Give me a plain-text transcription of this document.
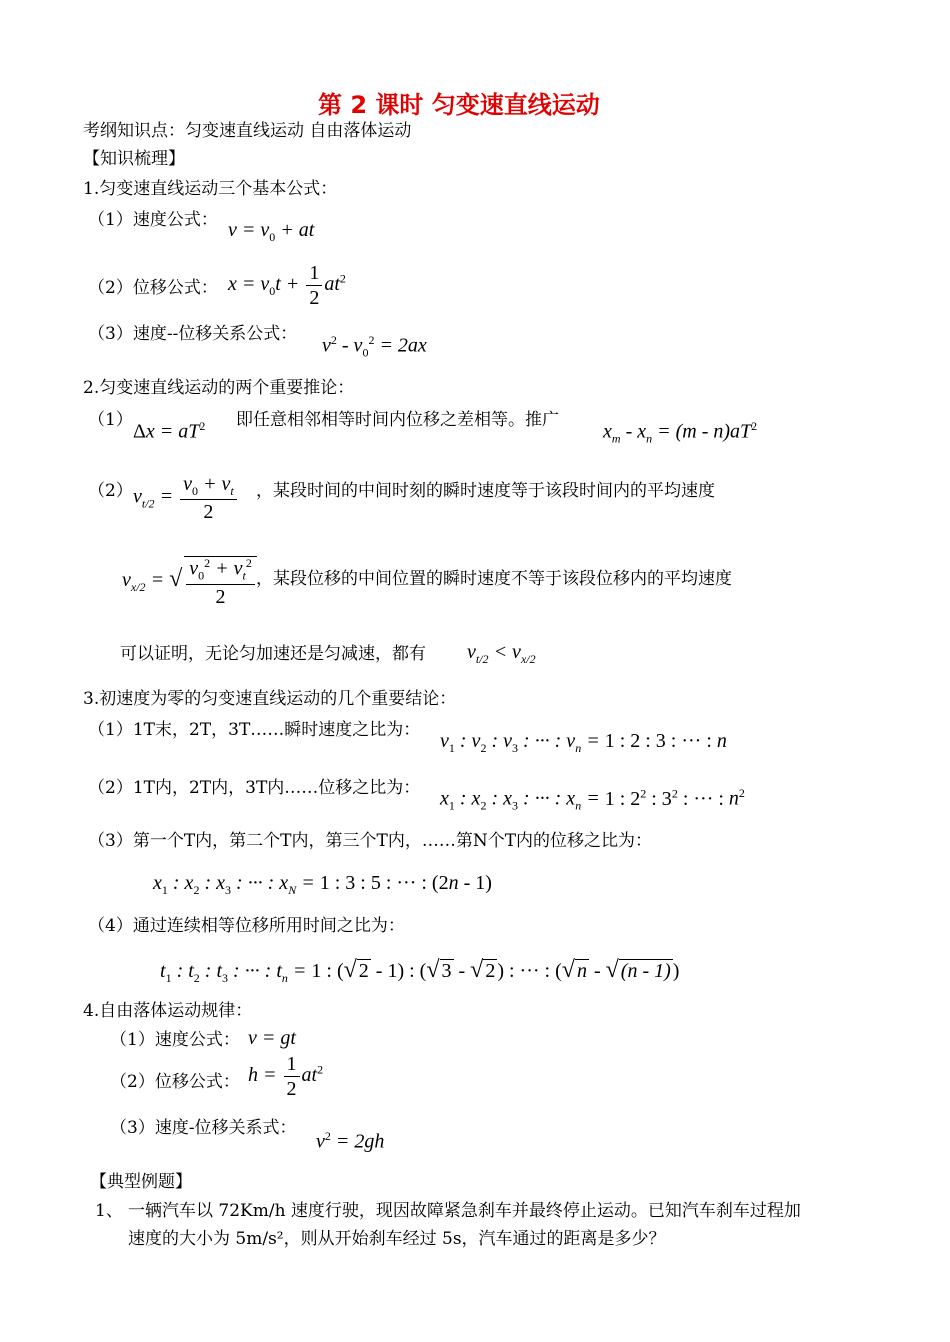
第 2 课时 匀变速直线运动
考纲知识点：匀变速直线运动 自由落体运动
【知识梳理】
1.匀变速直线运动三个基本公式：
（1）速度公式： $v = v_0$ + at
（2）位移公式： $x = v_0t + \frac{1}{2} at^2$
（3）速度--位移关系公式：
$v^2 - v_0^2 = 2ax$
2.匀变速直线运动的两个重要推论：
（1）
$\Delta x = aT^2$ 即任意相邻相等时间内位移之差相等。推广
$x_m - x_n = (m - n)aT^2$
（2） $v_{t/2} = \frac{v_0 + v_t}{2}$ ，某段时间的中间时刻的瞬时速度等于该段时间内的平均速度
$v_{x/2}$ = √ $\frac{v_0^2 + v_t^2}{2}$ ，某段位移的中间位置的瞬时速度不等于该段位移内的平均速度
可以证明，无论匀加速还是匀减速，都有 $v_{t/2} < v_{x/2}$
3.初速度为零的匀变速直线运动的几个重要结论：
（1）1T末，2T，3T……瞬时速度之比为： $v_1$ : $v_2$ : $v_3$ : ··· : $v_n = 1$ : 2 : 3 : ··· : n
（2）1T内，2T内，3T内……位移之比为： $x_1$ : $x_2$ : $x_3$ : ··· : $x_n = 1$ : $2^2$ : $3^2$ : ··· : $n^2$
（3）第一个T内，第二个T内，第三个T内，……第N个T内的位移之比为：
$x_1$ : $x_2$ : $x_3$ : ··· : $x_N = 1$ : 3 : 5 : ··· : (2n - 1)
（4）通过连续相等位移所用时间之比为：
$t_1$ : $t_2$ : $t_3$ : ··· : $t_n = 1$ : (√ 2 - 1) : (√ 3 - √ 2 ) : ··· : (√ n - √ (n - 1) )
4.自由落体运动规律：
（1）速度公式： v = gt
（2）位移公式： $h = \frac{1}{2} at^2$
（3）速度-位移关系式：
$v^2 = 2gh$
【典型例题】
1、 一辆汽车以 72Km/h 速度行驶，现因故障紧急刹车并最终停止运动。已知汽车刹车过程加
速度的大小为 5m/s²，则从开始刹车经过 5s，汽车通过的距离是多少？
